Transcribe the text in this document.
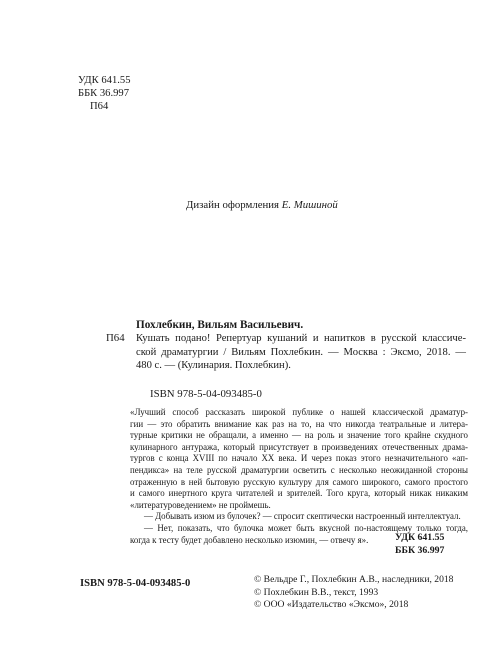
УДК 641.55
ББК 36.997
П64
Дизайн оформления Е. Мишиной
Похлебкин, Вильям Васильевич.
П64 Кушать подано! Репертуар кушаний и напитков в русской классиче-
ской драматургии / Вильям Похлебкин. — Москва : Эксмо, 2018. —
480 с. — (Кулинария. Похлебкин).
ISBN 978-5-04-093485-0
«Лучший способ рассказать широкой публике о нашей классической драматур-
гии — это обратить внимание как раз на то, на что никогда театральные и литера-
турные критики не обращали, а именно — на роль и значение того крайне скудного
кулинарного антуража, который присутствует в произведениях отечественных драма-
тургов с конца XVIII по начало XX века. И через показ этого незначительного «ап-
пендикса» на теле русской драматургии осветить с несколько неожиданной стороны
отраженную в ней бытовую русскую культуру для самого широкого, самого простого
и самого инертного круга читателей и зрителей. Того круга, который никак никаким
«литературоведением» не проймешь.
— Добывать изюм из булочек? — спросит скептически настроенный интеллектуал.
— Нет, показать, что булочка может быть вкусной по-настоящему только тогда,
когда к тесту будет добавлено несколько изюмин, — отвечу я».	УДК 641.55
ББК 36.997
ISBN 978-5-04-093485-0	© Вельдре Г., Похлебкин А.В., наследники, 2018
© Похлебкин В.В., текст, 1993
© ООО «Издательство «Эксмо», 2018
